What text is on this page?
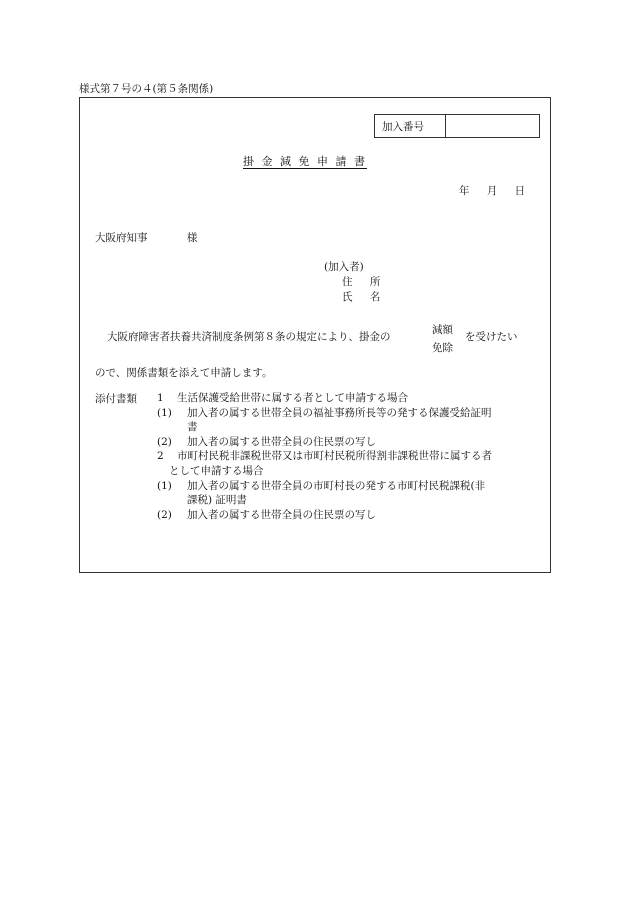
様式第７号の４(第５条関係)
加入番号
掛 金 減 免 申 請 書
年 月 日
大阪府知事 様
(加入者)
住 所
氏 名
大阪府障害者扶養共済制度条例第８条の規定により、掛金の
減額
免除
を受けたい
ので、関係書類を添えて申請します。
添付書類 1	生活保護受給世帯に属する者として申請する場合
(1)	加入者の属する世帯全員の福祉事務所長等の発する保護受給証明
書
(2)	加入者の属する世帯全員の住民票の写し
2	市町村民税非課税世帯又は市町村民税所得割非課税世帯に属する者
として申請する場合
(1)	加入者の属する世帯全員の市町村長の発する市町村民税課税(非
課税) 証明書
(2)	加入者の属する世帯全員の住民票の写し
